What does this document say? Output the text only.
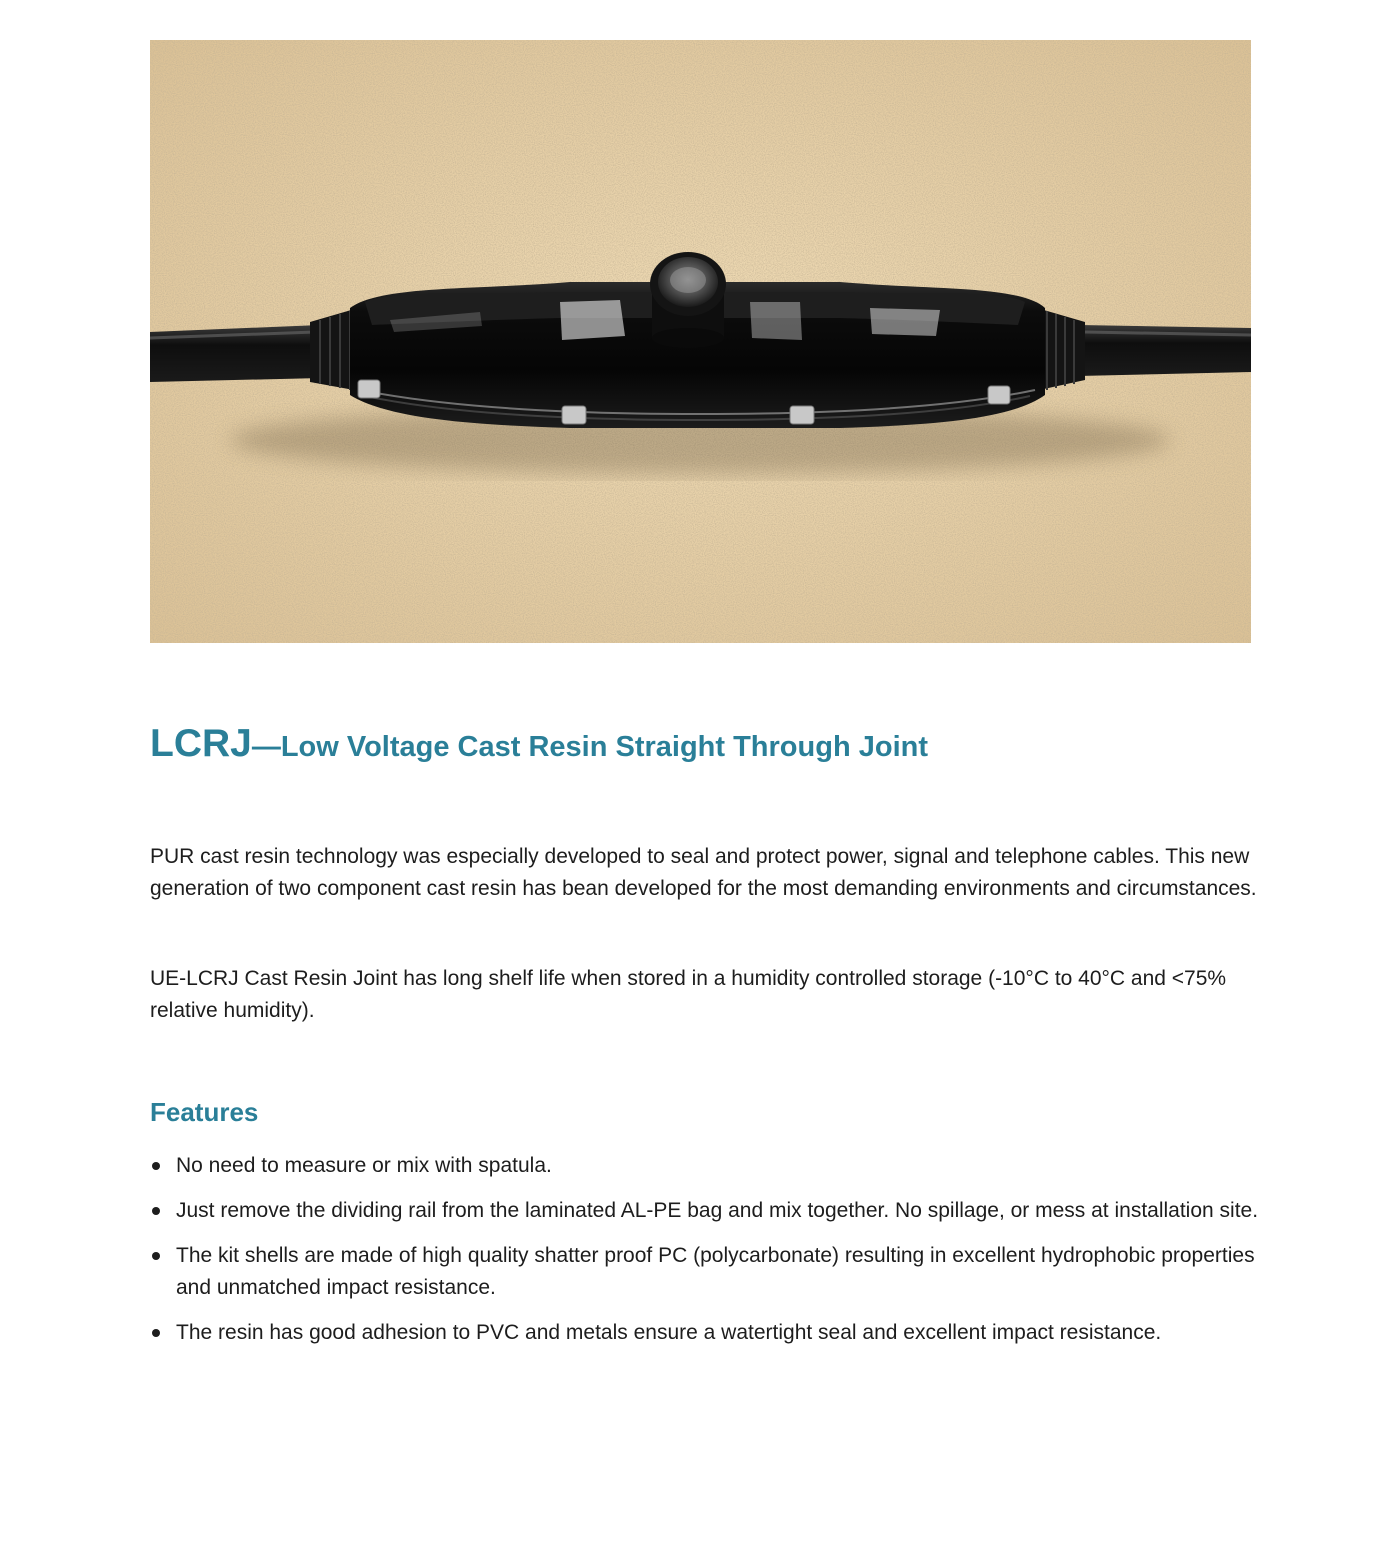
LCRJ—Low Voltage Cast Resin Straight Through Joint

PUR cast resin technology was especially developed to seal and protect power, signal and telephone cables. This new generation of two component cast resin has bean developed for the most demanding environments and circumstances.

UE-LCRJ Cast Resin Joint has long shelf life when stored in a humidity controlled storage (-10°C to 40°C and <75% relative humidity).

Features
No need to measure or mix with spatula.
Just remove the dividing rail from the laminated AL-PE bag and mix together. No spillage, or mess at installation site.
The kit shells are made of high quality shatter proof PC (polycarbonate) resulting in excellent hydrophobic properties and unmatched impact resistance.
The resin has good adhesion to PVC and metals ensure a watertight seal and excellent impact resistance.
